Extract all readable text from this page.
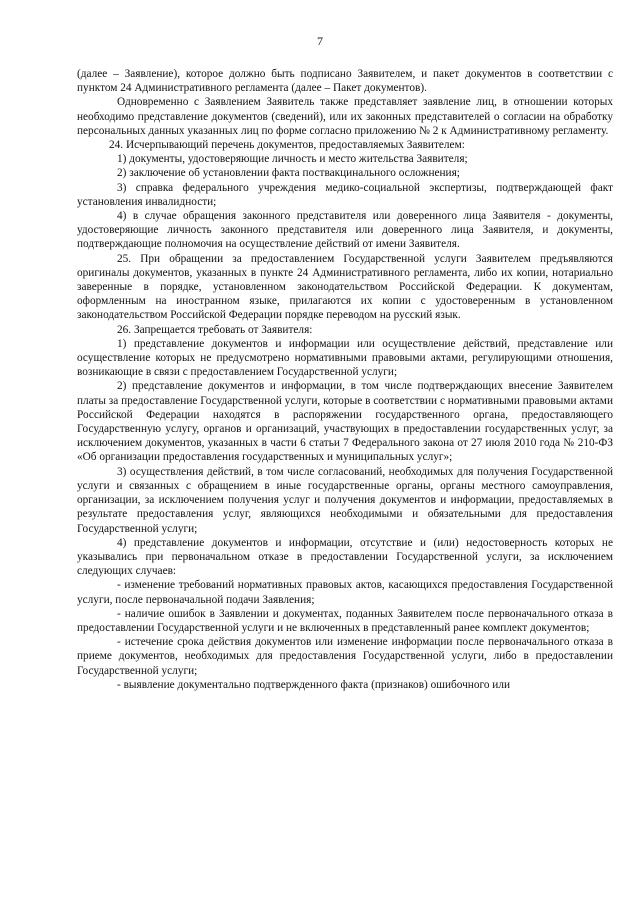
7

(далее – Заявление), которое должно быть подписано Заявителем, и пакет документов в соответствии с пунктом 24 Административного регламента (далее – Пакет документов).

Одновременно с Заявлением Заявитель также представляет заявление лиц, в отношении которых необходимо представление документов (сведений), или их законных представителей о согласии на обработку персональных данных указанных лиц по форме согласно приложению № 2 к Административному регламенту.

24. Исчерпывающий перечень документов, предоставляемых Заявителем:

1) документы, удостоверяющие личность и место жительства Заявителя;

2) заключение об установлении факта поствакцинального осложнения;

3) справка федерального учреждения медико-социальной экспертизы, подтверждающей факт установления инвалидности;

4) в случае обращения законного представителя или доверенного лица Заявителя - документы, удостоверяющие личность законного представителя или доверенного лица Заявителя, и документы, подтверждающие полномочия на осуществление действий от имени Заявителя.

25. При обращении за предоставлением Государственной услуги Заявителем предъявляются оригиналы документов, указанных в пункте 24 Административного регламента, либо их копии, нотариально заверенные в порядке, установленном законодательством Российской Федерации. К документам, оформленным на иностранном языке, прилагаются их копии с удостоверенным в установленном законодательством Российской Федерации порядке переводом на русский язык.

26. Запрещается требовать от Заявителя:

1) представление документов и информации или осуществление действий, представление или осуществление которых не предусмотрено нормативными правовыми актами, регулирующими отношения, возникающие в связи с предоставлением Государственной услуги;

2) представление документов и информации, в том числе подтверждающих внесение Заявителем платы за предоставление Государственной услуги, которые в соответствии с нормативными правовыми актами Российской Федерации находятся в распоряжении государственного органа, предоставляющего Государственную услугу, органов и организаций, участвующих в предоставлении государственных услуг, за исключением документов, указанных в части 6 статьи 7 Федерального закона от 27 июля 2010 года № 210-ФЗ «Об организации предоставления государственных и муниципальных услуг»;

3) осуществления действий, в том числе согласований, необходимых для получения Государственной услуги и связанных с обращением в иные государственные органы, органы местного самоуправления, организации, за исключением получения услуг и получения документов и информации, предоставляемых в результате предоставления услуг, являющихся необходимыми и обязательными для предоставления Государственной услуги;

4) представление документов и информации, отсутствие и (или) недостоверность которых не указывались при первоначальном отказе в предоставлении Государственной услуги, за исключением следующих случаев:

- изменение требований нормативных правовых актов, касающихся предоставления Государственной услуги, после первоначальной подачи Заявления;

- наличие ошибок в Заявлении и документах, поданных Заявителем после первоначального отказа в предоставлении Государственной услуги и не включенных в представленный ранее комплект документов;

- истечение срока действия документов или изменение информации после первоначального отказа в приеме документов, необходимых для предоставления Государственной услуги, либо в предоставлении Государственной услуги;

- выявление документально подтвержденного факта (признаков) ошибочного или
